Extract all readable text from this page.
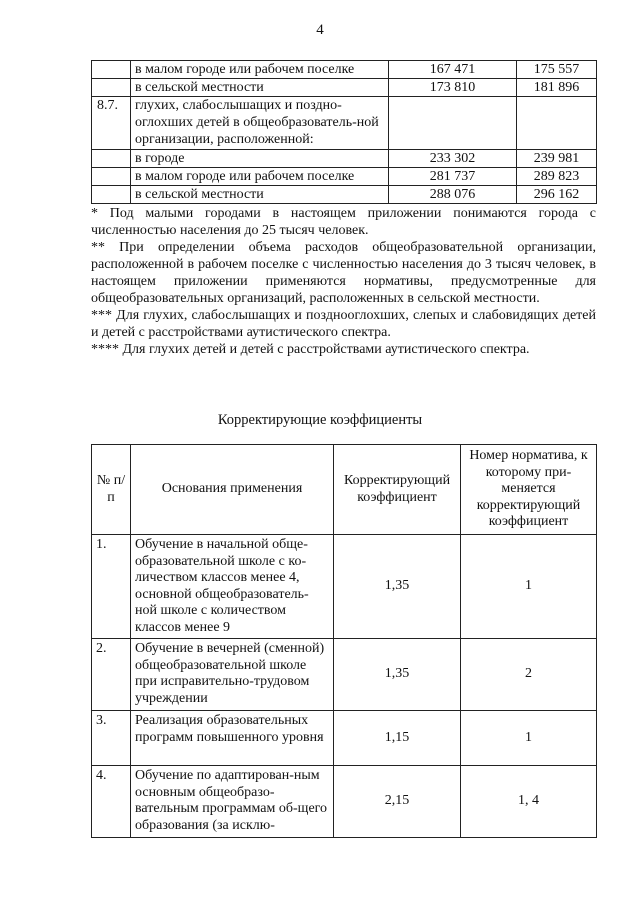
4
	в малом городе или рабочем поселке	167 471	175 557
	в сельской местности	173 810	181 896
8.7.	глухих, слабослышащих и поздно-оглохших детей в общеобразователь-ной организации, расположенной:		
	в городе	233 302	239 981
	в малом городе или рабочем поселке	281 737	289 823
	в сельской местности	288 076	296 162

* Под малыми городами в настоящем приложении понимаются города с численностью населения до 25 тысяч человек.

** При определении объема расходов общеобразовательной организации, расположенной в рабочем поселке с численностью населения до 3 тысяч человек, в настоящем приложении применяются нормативы, предусмотренные для общеобразовательных организаций, расположенных в сельской местности.

*** Для глухих, слабослышащих и позднооглохших, слепых и слабовидящих детей и детей с расстройствами аутистического спектра.

**** Для глухих детей и детей с расстройствами аутистического спектра.

Корректирующие коэффициенты
№ п/п	Основания применения	Корректирующий коэффициент	Номер норматива, к которому при-меняется корректирующий коэффициент
1.	Обучение в начальной обще-образовательной школе с ко-личеством классов менее 4, основной общеобразователь-ной школе с количеством классов менее 9	1,35	1
2.	Обучение в вечерней (сменной) общеобразовательной школе при исправительно-трудовом учреждении	1,35	2
3.	Реализация образовательных программ повышенного уровня	1,15	1
4.	Обучение по адаптирован-ным основным общеобразо-вательным программам об-щего образования (за исклю-	2,15	1, 4
